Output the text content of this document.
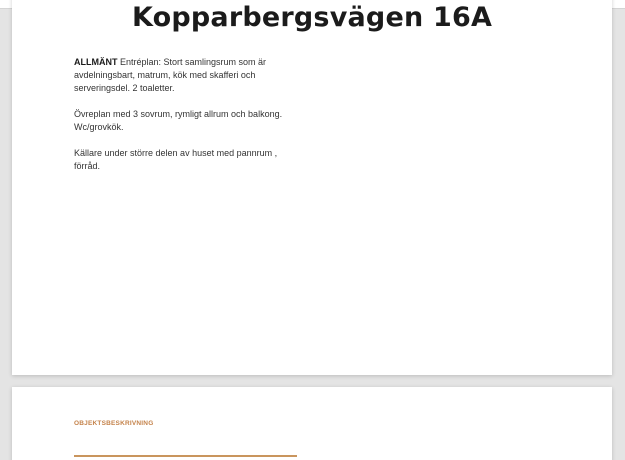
Kopparbergsvägen 16A

ALLMÄNT Entréplan: Stort samlingsrum som är avdelningsbart, matrum, kök med skafferi och serveringsdel. 2 toaletter.

Övreplan med 3 sovrum, rymligt allrum och balkong. Wc/grovkök.

Källare under större delen av huset med pannrum , förråd.

OBJEKTSBESKRIVNING
